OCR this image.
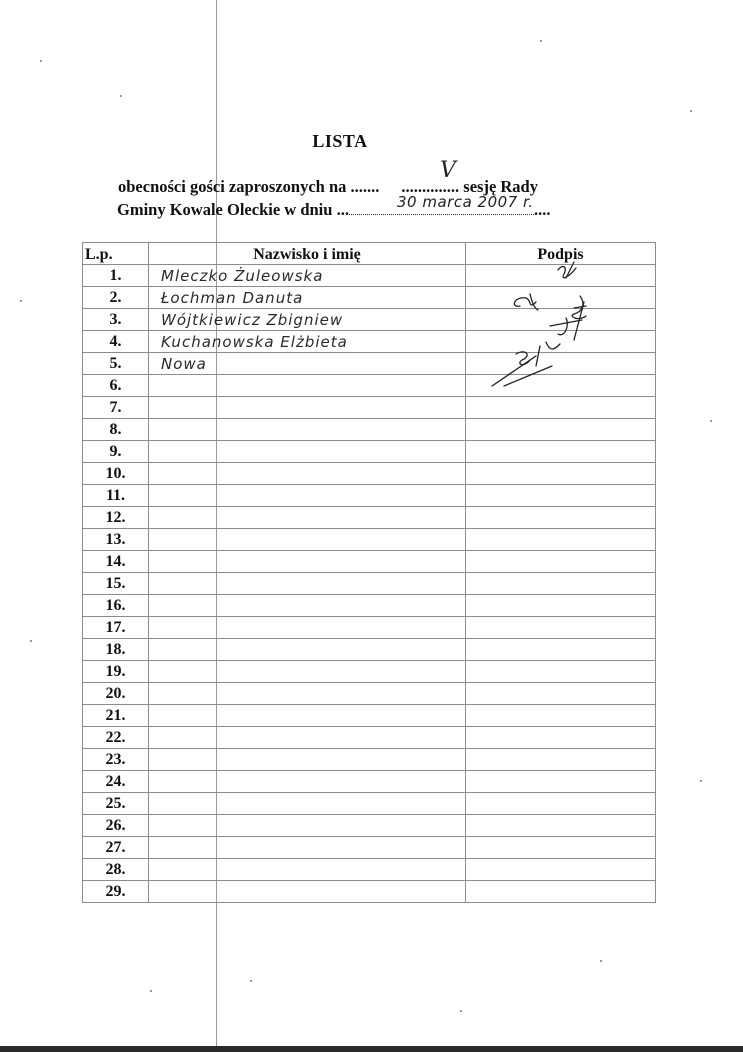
LISTA
obecności gości zaproszonych na ....... .............. sesję Rady
V
Gminy Kowale Oleckie w dniu ...	....
30 marca 2007 r.
L.p.	Nazwisko i imię	Podpis
1.	Mleczko Żuleowska	
2.	Łochman Danuta	
3.	Wójtkiewicz Zbigniew	
4.	Kuchanowska Elżbieta	
5.	Nowa	
6.		
7.		
8.		
9.		
10.		
11.		
12.		
13.		
14.		
15.		
16.		
17.		
18.		
19.		
20.		
21.		
22.		
23.		
24.		
25.		
26.		
27.		
28.		
29.		
